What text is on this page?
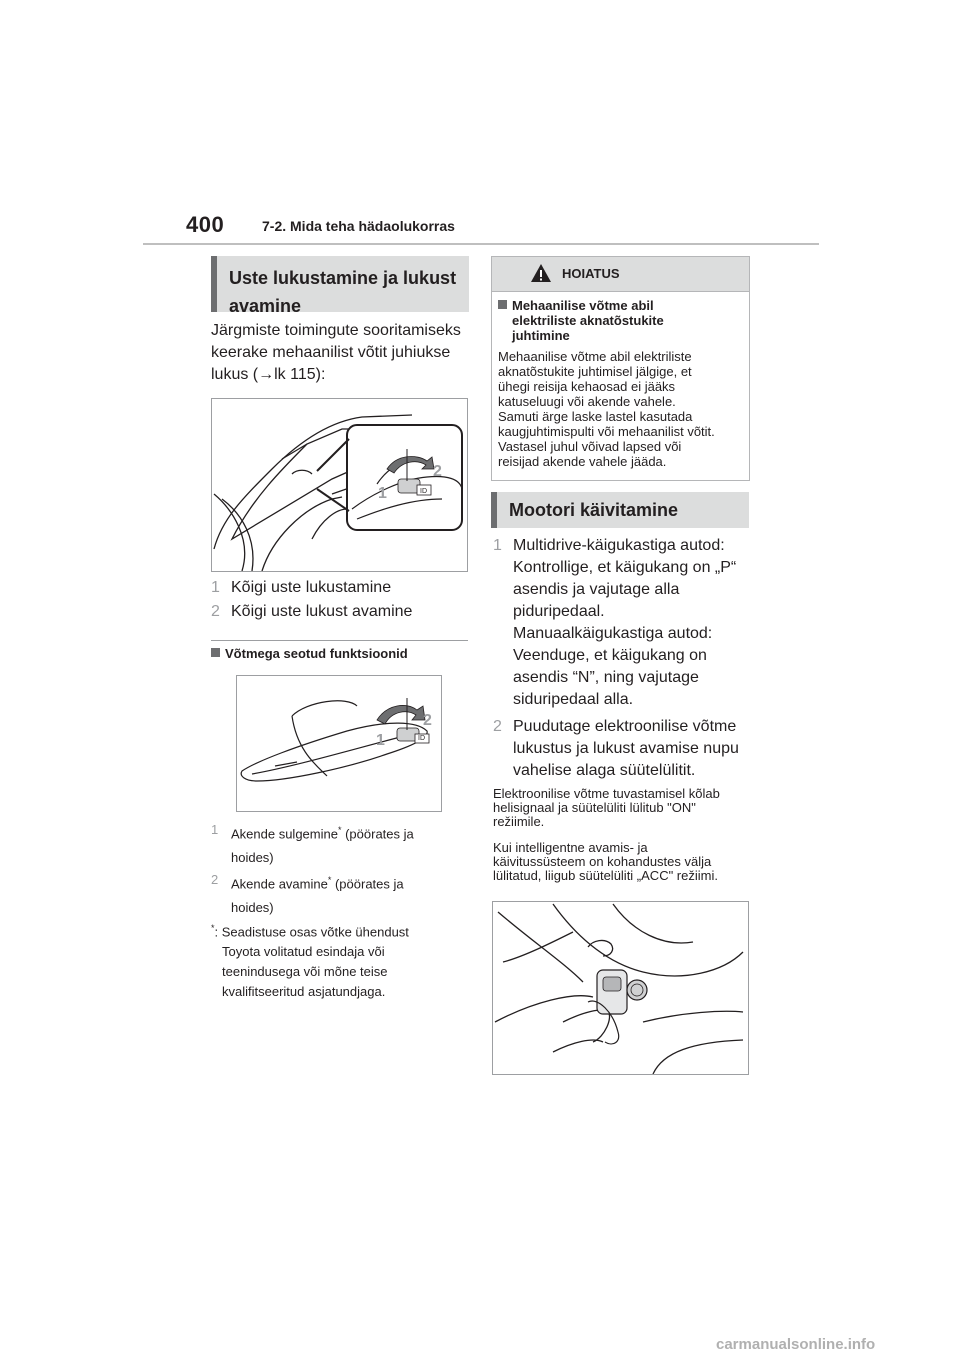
400	7-2. Mida teha hädaolukorras
Uste lukustamine ja lukust avamine
Järgmiste toimingute sooritamiseks
keerake mehaanilist võtit juhiukse
lukus (→lk 115):
1
2
ID
1 Kõigi uste lukustamine
2 Kõigi uste lukust avamine
Võtmega seotud funktsioonid
1
2
ID
1 Akende sulgemine* (pöörates ja
hoides)
2 Akende avamine* (pöörates ja
hoides)
*: Seadistuse osas võtke ühendust
Toyota volitatud esindaja või
teenindusega või mõne teise
kvalifitseeritud asjatundjaga.
HOIATUS
Mehaanilise võtme abil
elektriliste aknatõstukite
juhtimine
Mehaanilise võtme abil elektriliste
aknatõstukite juhtimisel jälgige, et
ühegi reisija kehaosad ei jääks
katuseluugi või akende vahele.
Samuti ärge laske lastel kasutada
kaugjuhtimispulti või mehaanilist võtit.
Vastasel juhul võivad lapsed või
reisijad akende vahele jääda.
Mootori käivitamine
1 Multidrive-käigukastiga autod:
Kontrollige, et käigukang on „P“
asendis ja vajutage alla
piduripedaal.
Manuaalkäigukastiga autod:
Veenduge, et käigukang on
asendis “N”, ning vajutage
siduripedaal alla.
2 Puudutage elektroonilise võtme
lukustus ja lukust avamise nupu
vahelise alaga süütelülitit.
Elektroonilise võtme tuvastamisel kõlab
helisignaal ja süütelüliti lülitub "ON"
režiimile.
Kui intelligentne avamis- ja
käivitussüsteem on kohandustes välja
lülitatud, liigub süütelüliti „ACC" režiimi.
carmanualsonline.info
